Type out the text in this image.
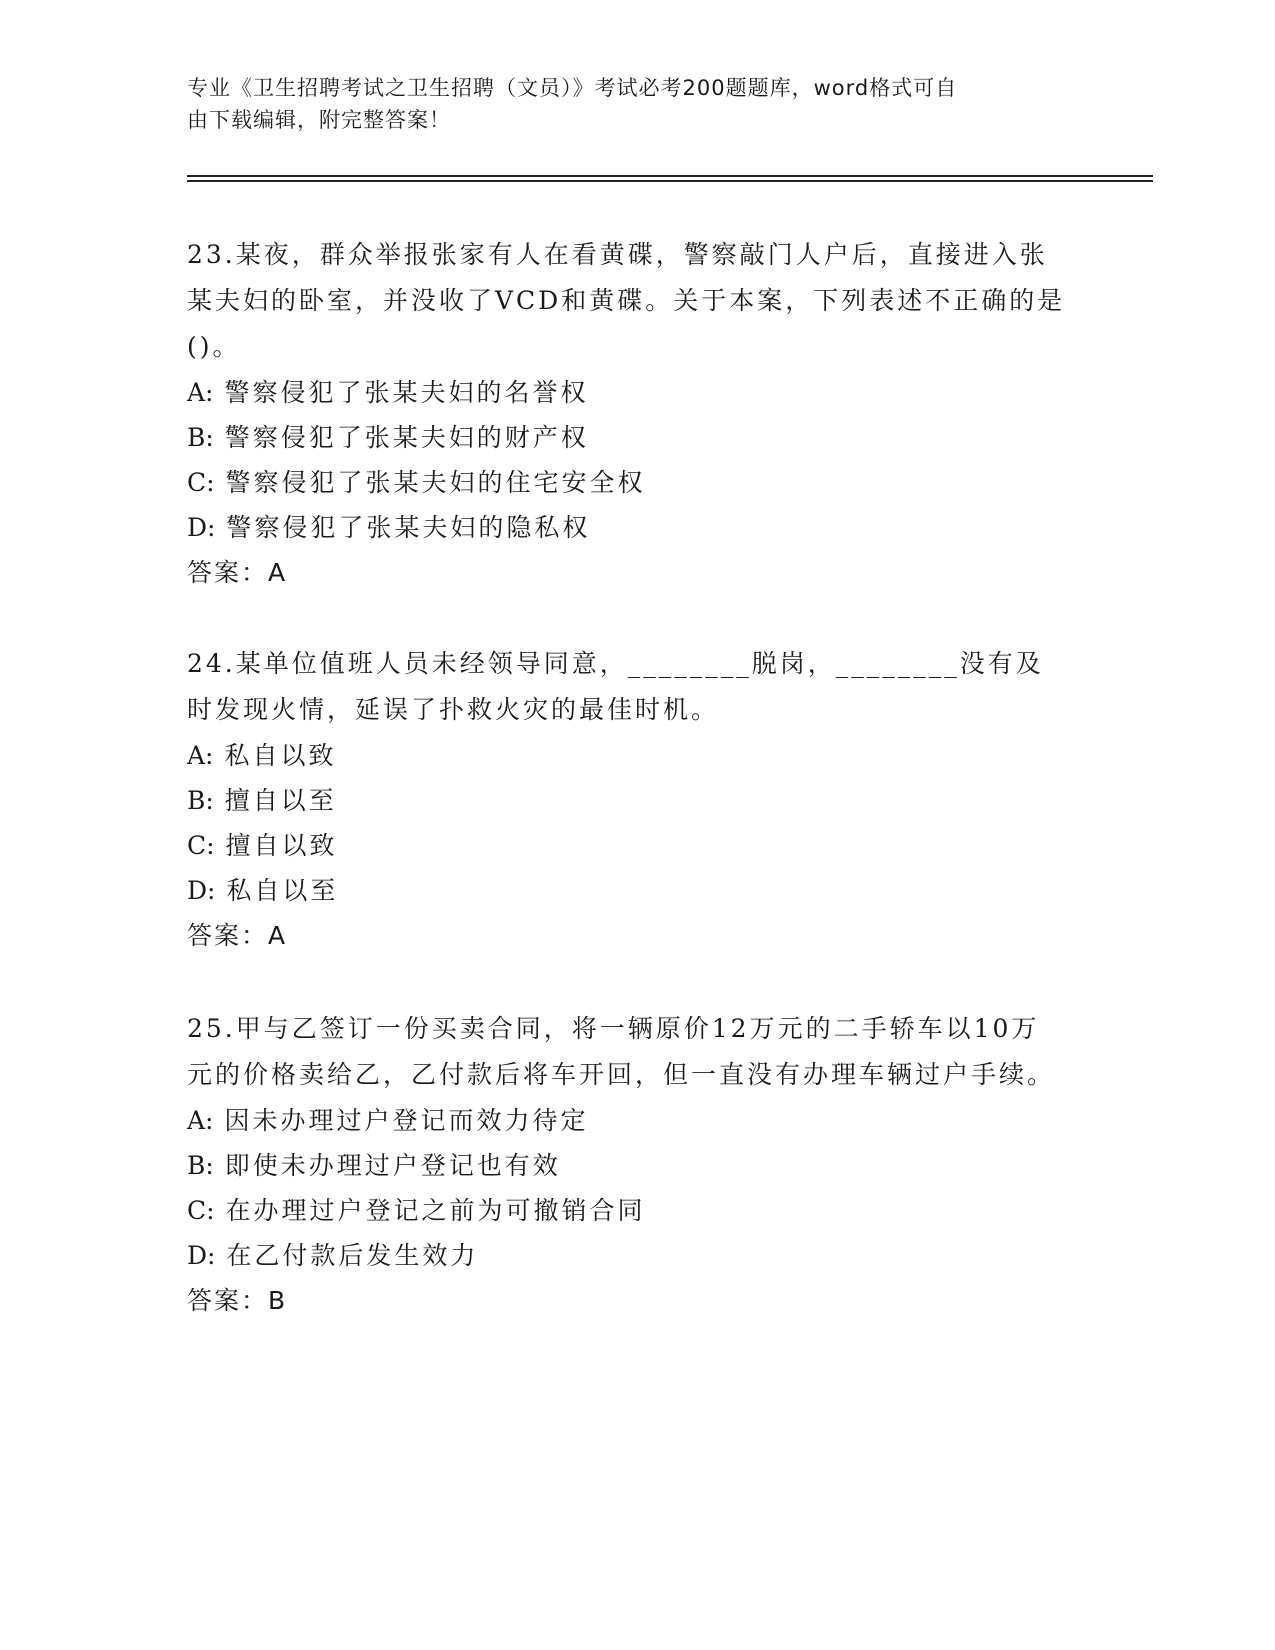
专业《卫生招聘考试之卫生招聘（文员）》考试必考200题题库，word格式可自
由下载编辑，附完整答案！

23.某夜，群众举报张家有人在看黄碟，警察敲门人户后，直接进入张某夫妇的卧室，并没收了VCD和黄碟。关于本案，下列表述不正确的是()。

A: 警察侵犯了张某夫妇的名誉权

B: 警察侵犯了张某夫妇的财产权

C: 警察侵犯了张某夫妇的住宅安全权

D: 警察侵犯了张某夫妇的隐私权

答案：A

24.某单位值班人员未经领导同意，________脱岗，________没有及时发现火情，延误了扑救火灾的最佳时机。

A: 私自以致

B: 擅自以至

C: 擅自以致

D: 私自以至

答案：A

25.甲与乙签订一份买卖合同，将一辆原价12万元的二手轿车以10万元的价格卖给乙，乙付款后将车开回，但一直没有办理车辆过户手续。

A: 因未办理过户登记而效力待定

B: 即使未办理过户登记也有效

C: 在办理过户登记之前为可撤销合同

D: 在乙付款后发生效力

答案：B
